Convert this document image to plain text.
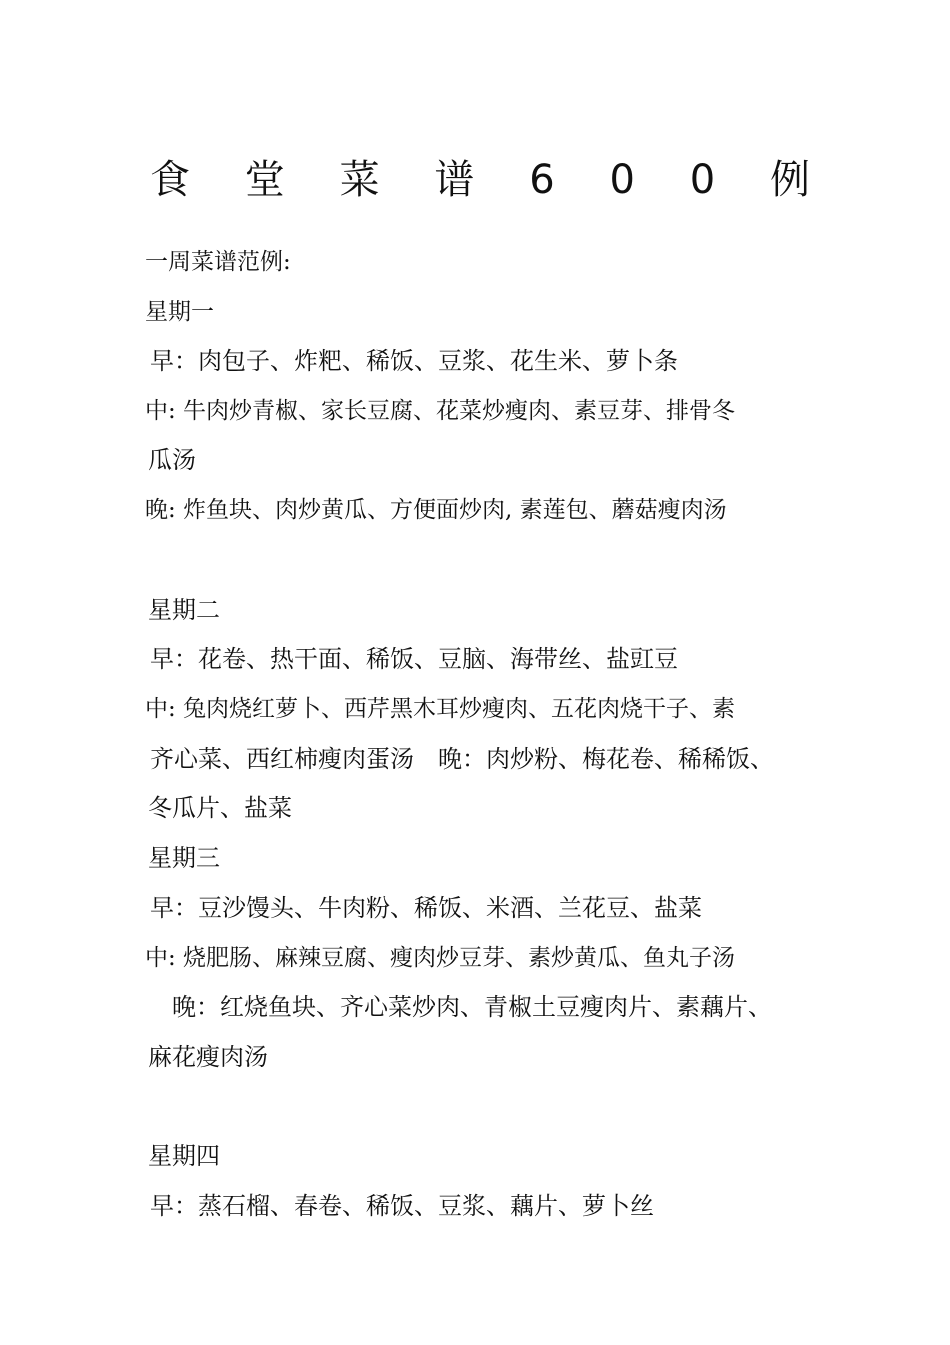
食 堂 菜 谱 6 0 0 例
一周菜谱范例:
星期一
早：肉包子、炸粑、稀饭、豆浆、花生米、萝卜条
中: 牛肉炒青椒、家长豆腐、花菜炒瘦肉、素豆芽、排骨冬
瓜汤
晚: 炸鱼块、肉炒黄瓜、方便面炒肉, 素莲包、蘑菇瘦肉汤
星期二
早：花卷、热干面、稀饭、豆脑、海带丝、盐豇豆
中: 兔肉烧红萝卜、西芹黑木耳炒瘦肉、五花肉烧干子、素
齐心菜、西红柿瘦肉蛋汤　晚：肉炒粉、梅花卷、稀稀饭、
冬瓜片、盐菜
星期三
早：豆沙馒头、牛肉粉、稀饭、米酒、兰花豆、盐菜
中: 烧肥肠、麻辣豆腐、瘦肉炒豆芽、素炒黄瓜、鱼丸子汤
晚：红烧鱼块、齐心菜炒肉、青椒土豆瘦肉片、素藕片、
麻花瘦肉汤
星期四
早：蒸石榴、春卷、稀饭、豆浆、藕片、萝卜丝
